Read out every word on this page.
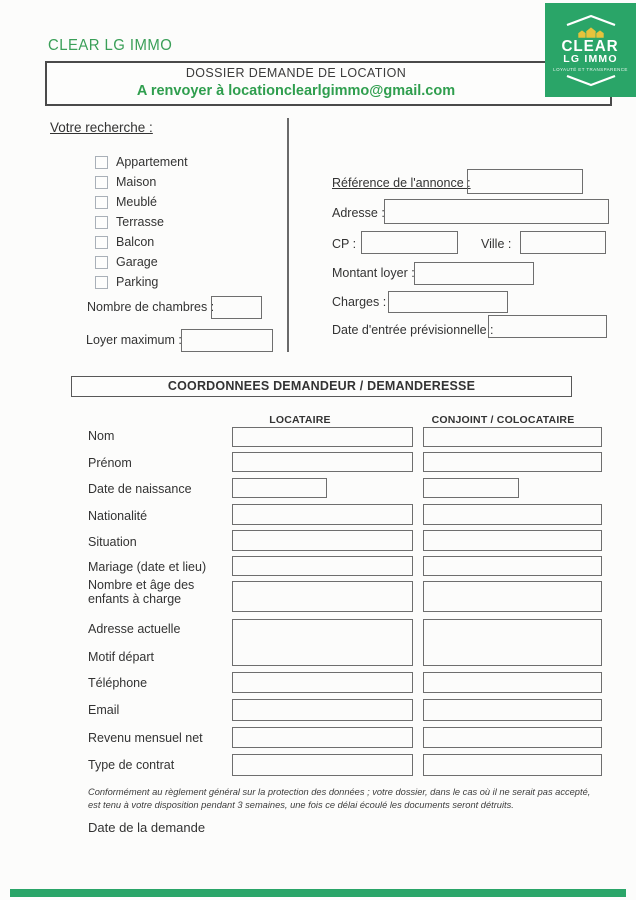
CLEAR LG IMMO
DOSSIER DEMANDE DE LOCATION
A renvoyer à locationclearlgimmo@gmail.com
CLEAR
LG IMMO
LOYAUTÉ ET TRANSPARENCE
Votre recherche :
Appartement
Maison
Meublé
Terrasse
Balcon
Garage
Parking
Nombre de chambres :
Loyer maximum :
Référence de l'annonce :
Adresse :
CP :	Ville :
Montant loyer :
Charges :
Date d'entrée prévisionnelle :
COORDONNEES DEMANDEUR / DEMANDERESSE
LOCATAIRE	CONJOINT / COLOCATAIRE
Nom
Prénom
Date de naissance
Nationalité
Situation
Mariage (date et lieu)
Nombre et âge des enfants à charge
Adresse actuelle
Motif départ
Téléphone
Email
Revenu mensuel net
Type de contrat
Conformément au règlement général sur la protection des données ; votre dossier, dans le cas où il ne serait pas accepté, est tenu à votre disposition pendant 3 semaines, une fois ce délai écoulé les documents seront détruits.
Date de la demande
